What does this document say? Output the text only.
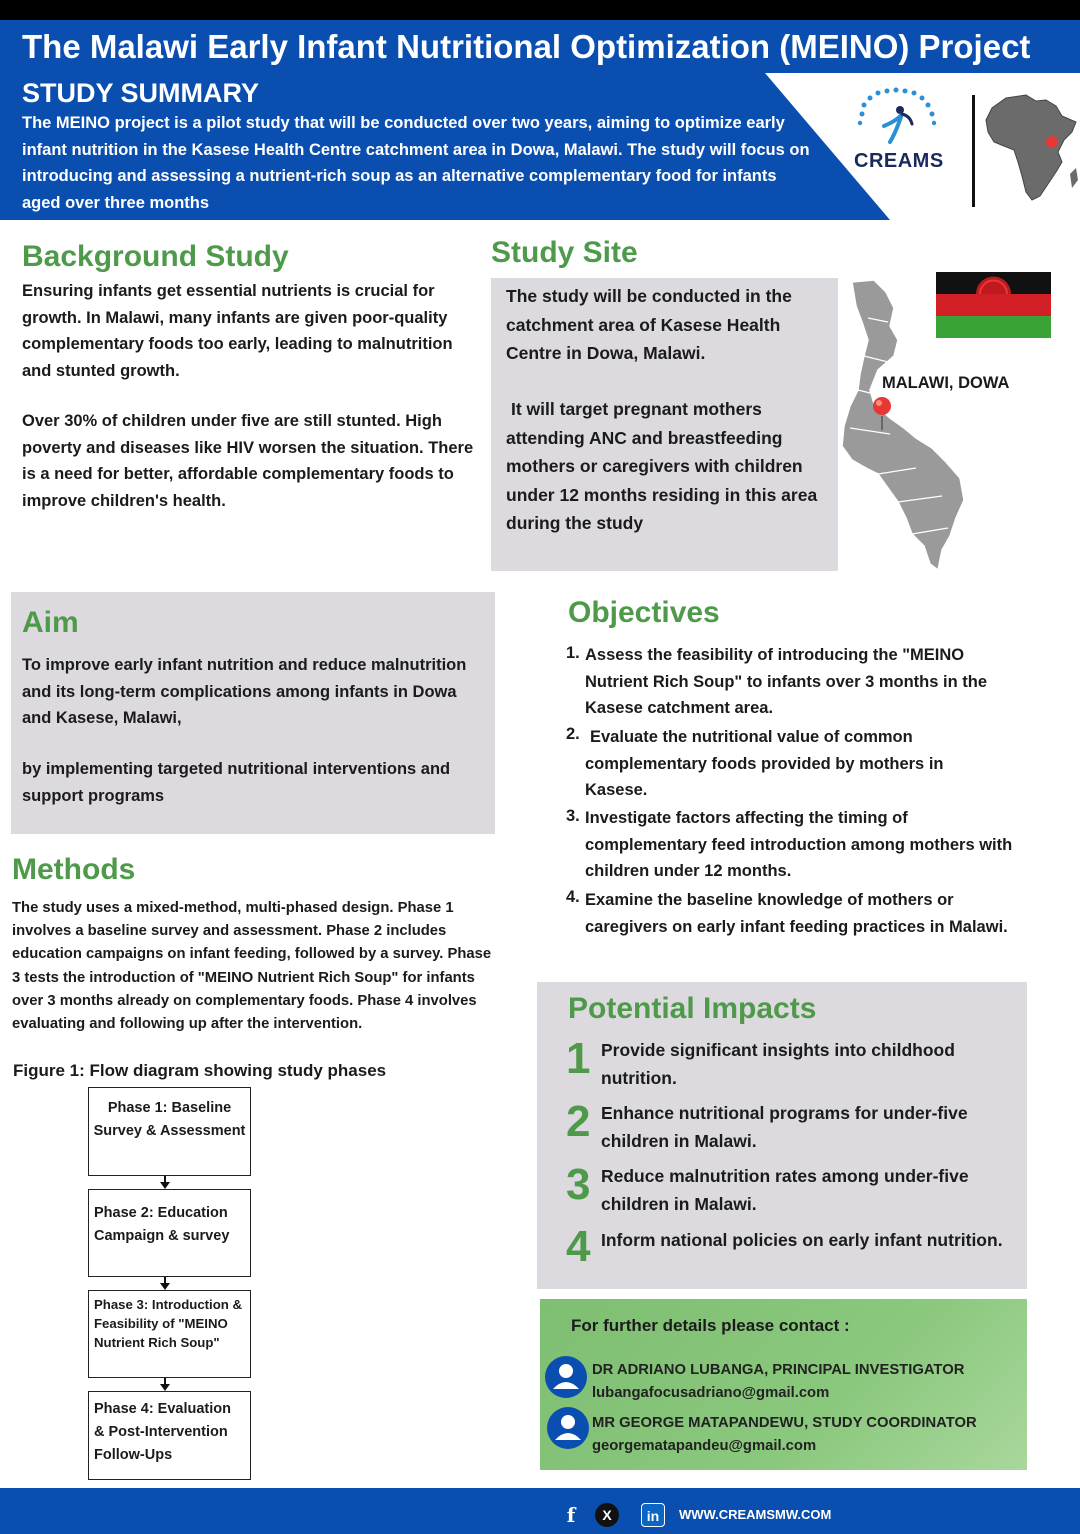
The Malawi Early Infant Nutritional Optimization (MEINO) Project
STUDY SUMMARY
The MEINO project is a pilot study that will be conducted over two years, aiming to optimize early infant nutrition in the Kasese Health Centre catchment area in Dowa, Malawi. The study will focus on introducing and assessing a nutrient-rich soup as an alternative complementary food for infants aged over three months
CREAMS
Background Study
Ensuring infants get essential nutrients is crucial for growth. In Malawi, many infants are given poor-quality complementary foods too early, leading to malnutrition and stunted growth.
Over 30% of children under five are still stunted. High poverty and diseases like HIV worsen the situation. There is a need for better, affordable complementary foods to improve children's health.
Study Site
The study will be conducted in the catchment area of Kasese Health Centre in Dowa, Malawi.
It will target pregnant mothers attending ANC and breastfeeding mothers or caregivers with children under 12 months residing in this area during the study
MALAWI, DOWA
Aim
To improve early infant nutrition and reduce malnutrition and its long-term complications among infants in Dowa and Kasese, Malawi,
by implementing targeted nutritional interventions and support programs
Objectives
1. Assess the feasibility of introducing the "MEINO Nutrient Rich Soup" to infants over 3 months in the Kasese catchment area.
2. Evaluate the nutritional value of common complementary foods provided by mothers in Kasese.
3. Investigate factors affecting the timing of complementary feed introduction among mothers with children under 12 months.
4. Examine the baseline knowledge of mothers or caregivers on early infant feeding practices in Malawi.
Methods
The study uses a mixed-method, multi-phased design. Phase 1 involves a baseline survey and assessment. Phase 2 includes education campaigns on infant feeding, followed by a survey. Phase 3 tests the introduction of "MEINO Nutrient Rich Soup" for infants over 3 months already on complementary foods. Phase 4 involves evaluating and following up after the intervention.
Figure 1: Flow diagram showing study phases
Phase 1: Baseline Survey & Assessment
Phase 2: Education Campaign & survey
Phase 3: Introduction & Feasibility of "MEINO Nutrient Rich Soup"
Phase 4: Evaluation & Post-Intervention Follow-Ups
Potential Impacts
1 Provide significant insights into childhood nutrition.
2 Enhance nutritional programs for under-five children in Malawi.
3 Reduce malnutrition rates among under-five children in Malawi.
4 Inform national policies on early infant nutrition.
For further details please contact :
DR ADRIANO LUBANGA, PRINCIPAL INVESTIGATOR
lubangafocusadriano@gmail.com
MR GEORGE MATAPANDEWU, STUDY COORDINATOR
georgematapandeu@gmail.com
f	X	in	WWW.CREAMSMW.COM
